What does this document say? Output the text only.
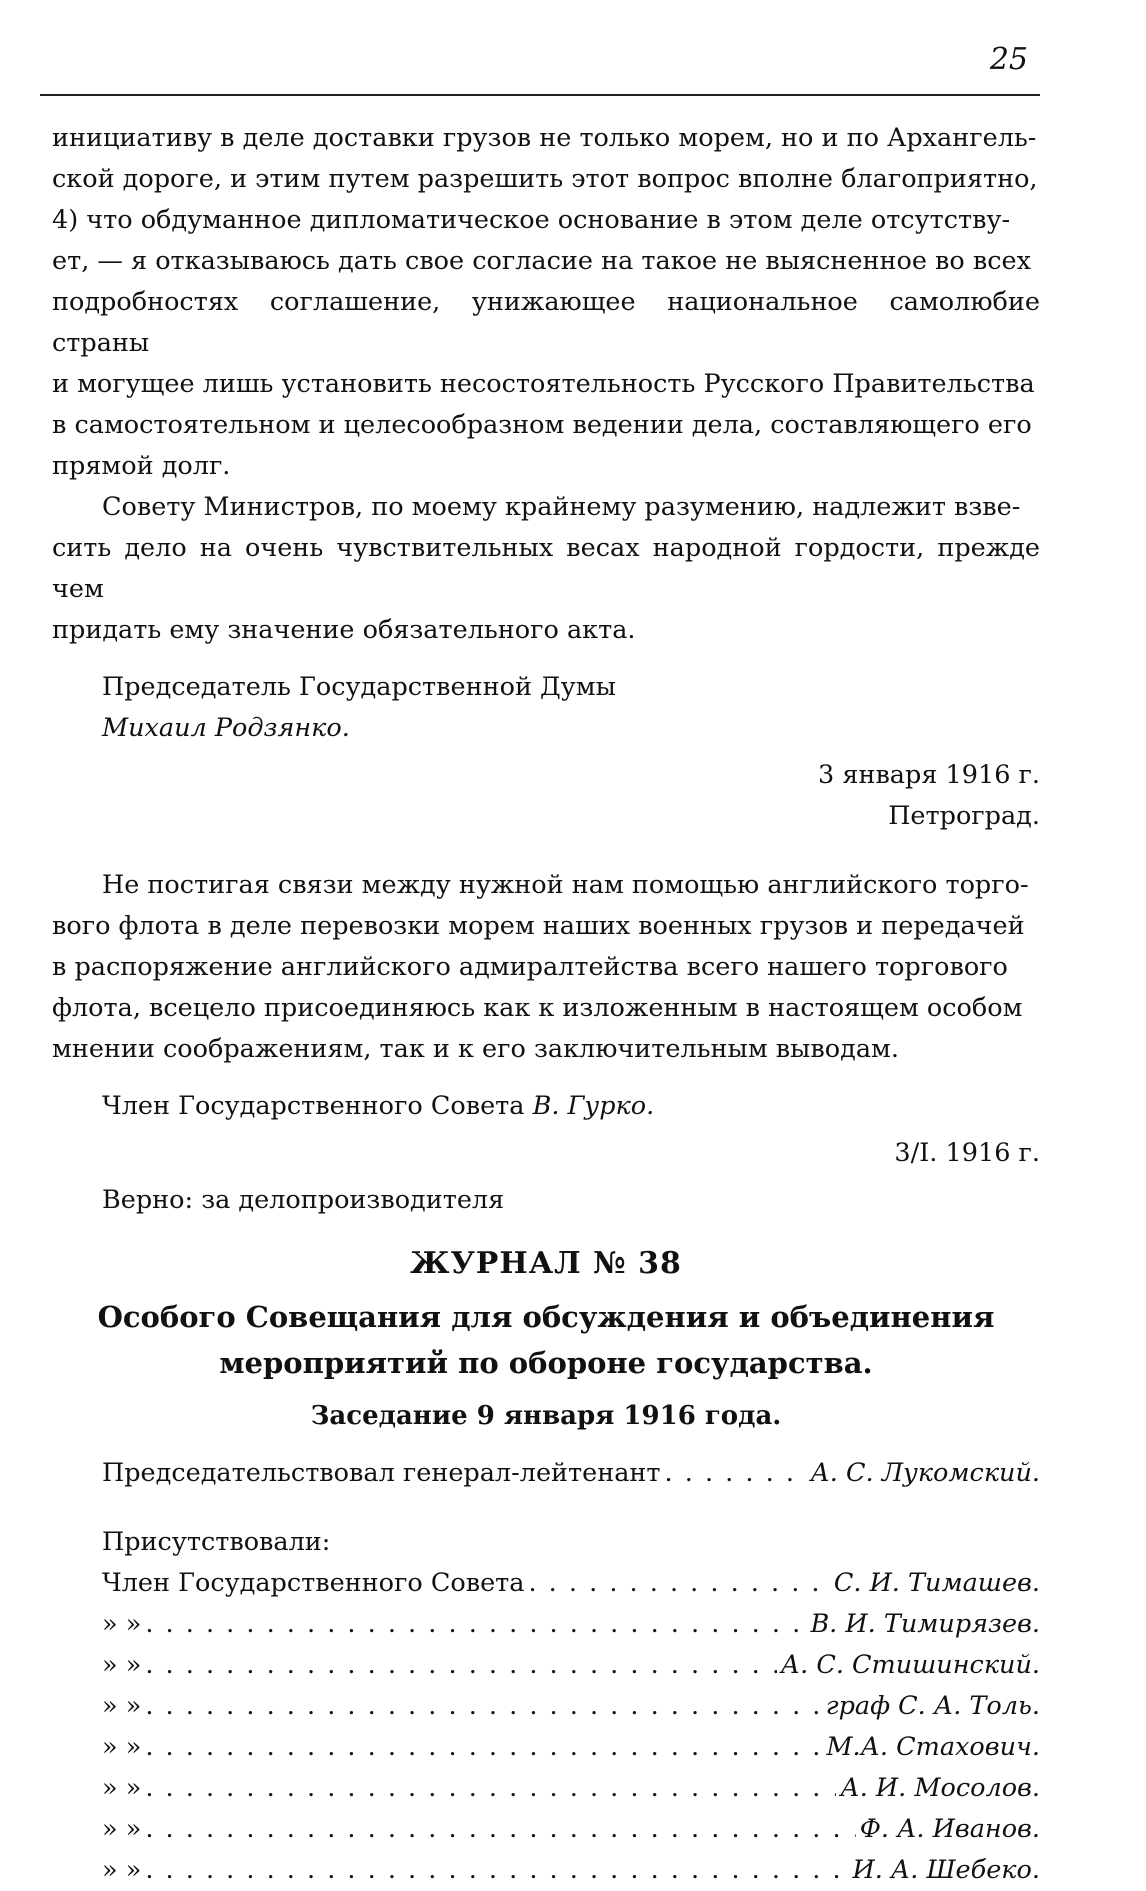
25

инициативу в деле доставки грузов не только морем, но и по Архангель-

ской дороге, и этим путем разрешить этот вопрос вполне благоприятно,

4) что обдуманное дипломатическое основание в этом деле отсутству-

ет, — я отказываюсь дать свое согласие на такое не выясненное во всех

подробностях соглашение, унижающее национальное самолюбие страны

и могущее лишь установить несостоятельность Русского Правительства

в самостоятельном и целесообразном ведении дела, составляющего его

прямой долг.

Совету Министров, по моему крайнему разумению, надлежит взве-

сить дело на очень чувствительных весах народной гордости, прежде чем

придать ему значение обязательного акта.

Председатель Государственной Думы

Михаил Родзянко.

3 января 1916 г.

Петроград.

Не постигая связи между нужной нам помощью английского торго-

вого флота в деле перевозки морем наших военных грузов и передачей

в распоряжение английского адмиралтейства всего нашего торгового

флота, всецело присоединяюсь как к изложенным в настоящем особом

мнении соображениям, так и к его заключительным выводам.

Член Государственного Совета В. Гурко.

3/I. 1916 г.

Верно: за делопроизводителя

ЖУРНАЛ № 38

Особого Совещания для обсуждения и объединения
мероприятий по обороне государства.

Заседание 9 января 1916 года.

Председательствовал генерал-лейтенант . . .	А. С. Лукомский.

Присутствовали:

Член Государственного Совета . . .	С. И. Тимашев.
» » . . .	В. И. Тимирязев.
» » . . .	А. С. Стишинский.
» » . . .	граф С. А. Толь.
» » . . .	М.А. Стахович.
» » . . .	А. И. Мосолов.
» » . . .	Ф. А. Иванов.
» » . . .	И. А. Шебеко.
